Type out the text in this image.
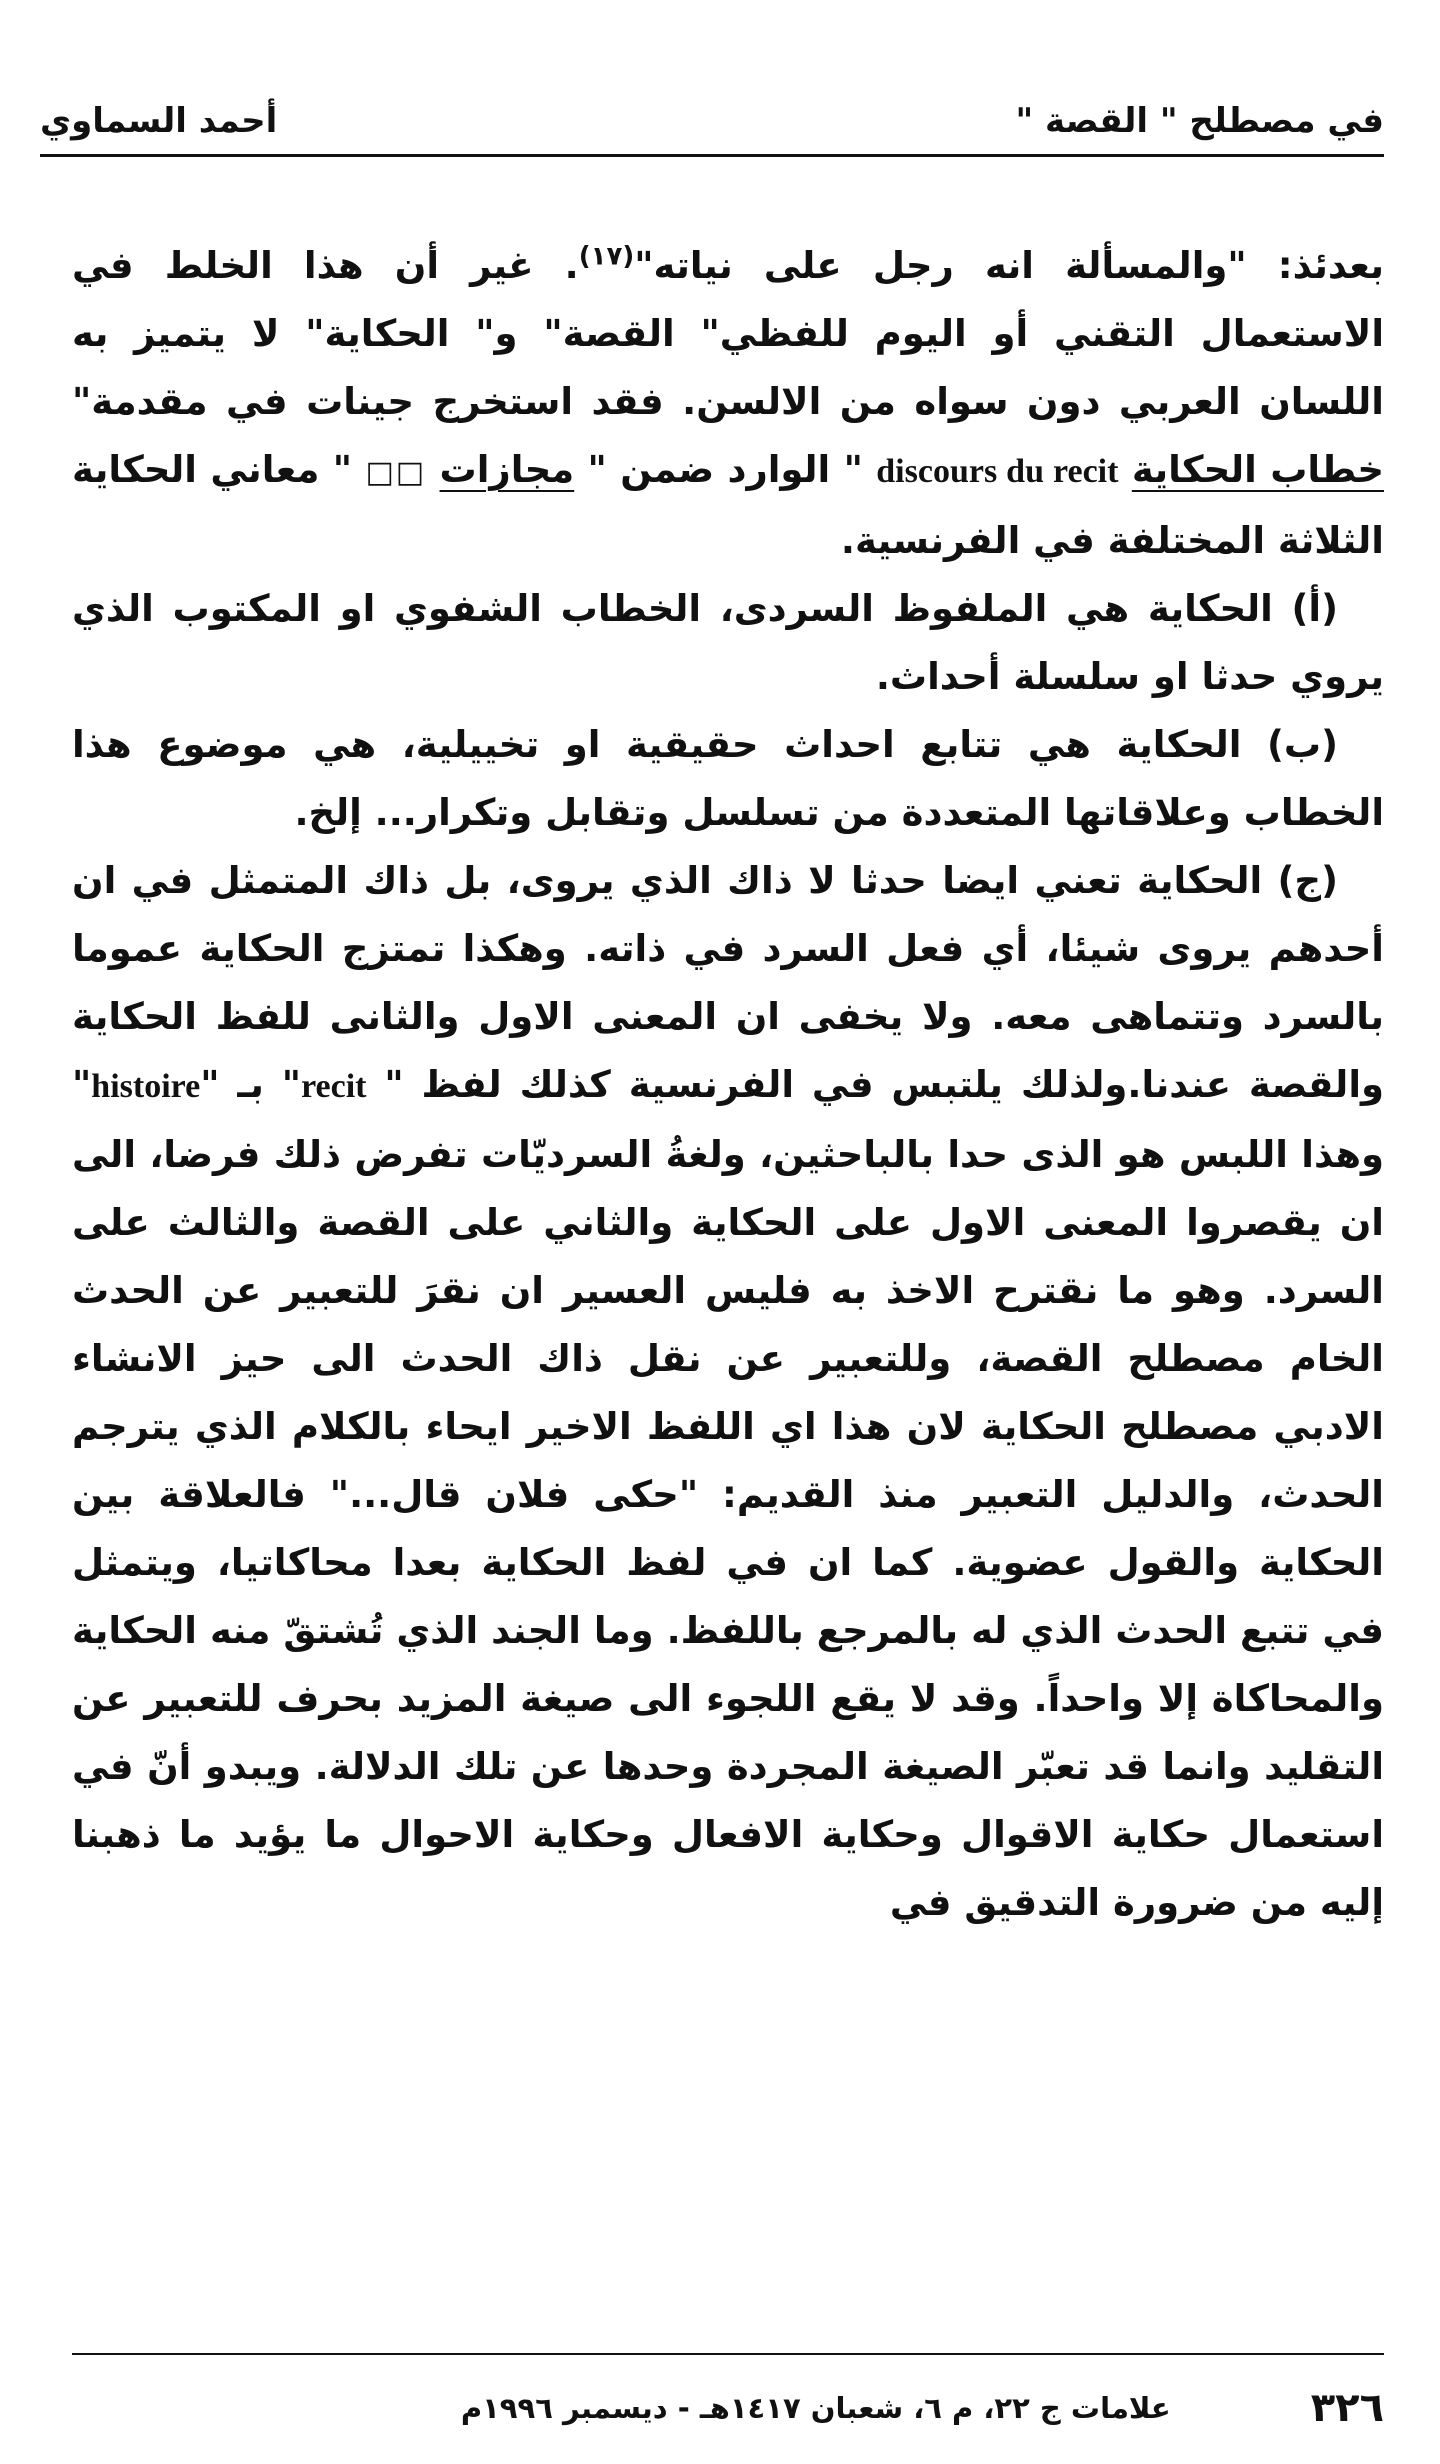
في مصطلح " القصة "
أحمد السماوي

بعدئذ: "والمسألة انه رجل على نياته"$^{(١٧)}$. غير أن هذا الخلط في الاستعمال التقني أو اليوم للفظي" القصة" و" الحكاية" لا يتميز به اللسان العربي دون سواه من الالسن. فقد استخرج جينات في مقدمة" خطاب الحكاية discours du recit " الوارد ضمن " مجازات □□ " معاني الحكاية الثلاثة المختلفة في الفرنسية.

(أ) الحكاية هي الملفوظ السردى، الخطاب الشفوي او المكتوب الذي يروي حدثا او سلسلة أحداث.

(ب) الحكاية هي تتابع احداث حقيقية او تخييلية، هي موضوع هذا الخطاب وعلاقاتها المتعددة من تسلسل وتقابل وتكرار... إلخ.

(ج) الحكاية تعني ايضا حدثا لا ذاك الذي يروى، بل ذاك المتمثل في ان أحدهم يروى شيئا، أي فعل السرد في ذاته. وهكذا تمتزج الحكاية عموما بالسرد وتتماهى معه. ولا يخفى ان المعنى الاول والثانى للفظ الحكاية والقصة عندنا.ولذلك يلتبس في الفرنسية كذلك لفظ " recit" بـ "histoire" وهذا اللبس هو الذى حدا بالباحثين، ولغةُ السرديّات تفرض ذلك فرضا، الى ان يقصروا المعنى الاول على الحكاية والثاني على القصة والثالث على السرد. وهو ما نقترح الاخذ به فليس العسير ان نقرَ للتعبير عن الحدث الخام مصطلح القصة، وللتعبير عن نقل ذاك الحدث الى حيز الانشاء الادبي مصطلح الحكاية لان هذا اي اللفظ الاخير ايحاء بالكلام الذي يترجم الحدث، والدليل التعبير منذ القديم: "حكى فلان قال..." فالعلاقة بين الحكاية والقول عضوية. كما ان في لفظ الحكاية بعدا محاكاتيا، ويتمثل في تتبع الحدث الذي له بالمرجع باللفظ. وما الجند الذي تُشتقّ منه الحكاية والمحاكاة إلا واحداً. وقد لا يقع اللجوء الى صيغة المزيد بحرف للتعبير عن التقليد وانما قد تعبّر الصيغة المجردة وحدها عن تلك الدلالة. ويبدو أنّ في استعمال حكاية الاقوال وحكاية الافعال وحكاية الاحوال ما يؤيد ما ذهبنا إليه من ضرورة التدقيق في

٣٢٦
علامات ج ٢٢، م ٦، شعبان ١٤١٧هـ - ديسمبر ١٩٩٦م
